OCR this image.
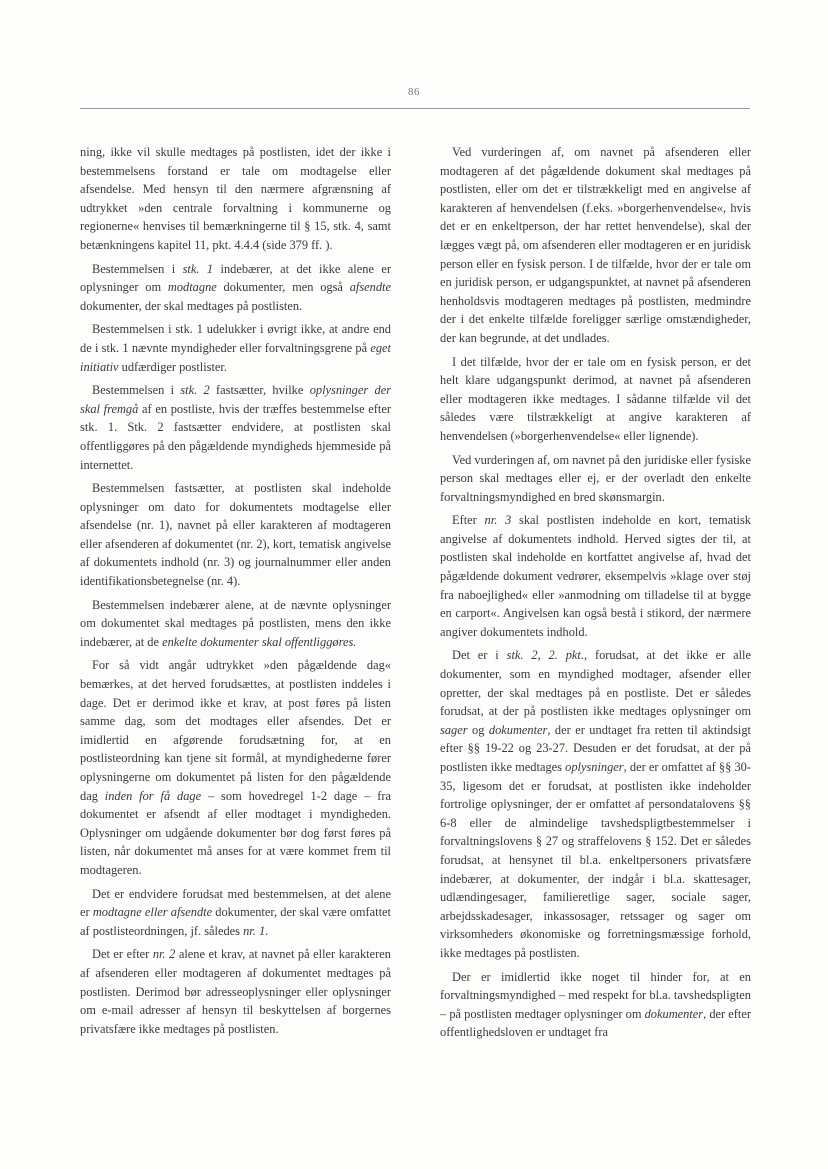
86

ning, ikke vil skulle medtages på postlisten, idet der ikke i bestemmelsens forstand er tale om modtagelse eller afsendelse. Med hensyn til den nærmere afgrænsning af udtrykket »den centrale forvaltning i kommunerne og regionerne« henvises til bemærkningerne til § 15, stk. 4, samt betænkningens kapitel 11, pkt. 4.4.4 (side 379 ff. ).

Bestemmelsen i stk. 1 indebærer, at det ikke alene er oplysninger om modtagne dokumenter, men også afsendte dokumenter, der skal medtages på postlisten.

Bestemmelsen i stk. 1 udelukker i øvrigt ikke, at andre end de i stk. 1 nævnte myndigheder eller forvaltningsgrene på eget initiativ udfærdiger postlister.

Bestemmelsen i stk. 2 fastsætter, hvilke oplysninger der skal fremgå af en postliste, hvis der træffes bestemmelse efter stk. 1. Stk. 2 fastsætter endvidere, at postlisten skal offentliggøres på den pågældende myndigheds hjemmeside på internettet.

Bestemmelsen fastsætter, at postlisten skal indeholde oplysninger om dato for dokumentets modtagelse eller afsendelse (nr. 1), navnet på eller karakteren af modtageren eller afsenderen af dokumentet (nr. 2), kort, tematisk angivelse af dokumentets indhold (nr. 3) og journalnummer eller anden identifikationsbetegnelse (nr. 4).

Bestemmelsen indebærer alene, at de nævnte oplysninger om dokumentet skal medtages på postlisten, mens den ikke indebærer, at de enkelte dokumenter skal offentliggøres.

For så vidt angår udtrykket »den pågældende dag« bemærkes, at det herved forudsættes, at postlisten inddeles i dage. Det er derimod ikke et krav, at post føres på listen samme dag, som det modtages eller afsendes. Det er imidlertid en afgørende forudsætning for, at en postlisteordning kan tjene sit formål, at myndighederne fører oplysningerne om dokumentet på listen for den pågældende dag inden for få dage – som hovedregel 1-2 dage – fra dokumentet er afsendt af eller modtaget i myndigheden. Oplysninger om udgående dokumenter bør dog først føres på listen, når dokumentet må anses for at være kommet frem til modtageren.

Det er endvidere forudsat med bestemmelsen, at det alene er modtagne eller afsendte dokumenter, der skal være omfattet af postlisteordningen, jf. således nr. 1.

Det er efter nr. 2 alene et krav, at navnet på eller karakteren af afsenderen eller modtageren af dokumentet medtages på postlisten. Derimod bør adresseoplysninger eller oplysninger om e-mail adresser af hensyn til beskyttelsen af borgernes privatsfære ikke medtages på postlisten.

Ved vurderingen af, om navnet på afsenderen eller modtageren af det pågældende dokument skal medtages på postlisten, eller om det er tilstrækkeligt med en angivelse af karakteren af henvendelsen (f.eks. »borgerhenvendelse«, hvis det er en enkeltperson, der har rettet henvendelse), skal der lægges vægt på, om afsenderen eller modtageren er en juridisk person eller en fysisk person. I de tilfælde, hvor der er tale om en juridisk person, er udgangspunktet, at navnet på afsenderen henholdsvis modtageren medtages på postlisten, medmindre der i det enkelte tilfælde foreligger særlige omstændigheder, der kan begrunde, at det undlades.

I det tilfælde, hvor der er tale om en fysisk person, er det helt klare udgangspunkt derimod, at navnet på afsenderen eller modtageren ikke medtages. I sådanne tilfælde vil det således være tilstrækkeligt at angive karakteren af henvendelsen (»borgerhenvendelse« eller lignende).

Ved vurderingen af, om navnet på den juridiske eller fysiske person skal medtages eller ej, er der overladt den enkelte forvaltningsmyndighed en bred skønsmargin.

Efter nr. 3 skal postlisten indeholde en kort, tematisk angivelse af dokumentets indhold. Herved sigtes der til, at postlisten skal indeholde en kortfattet angivelse af, hvad det pågældende dokument vedrører, eksempelvis »klage over støj fra naboejlighed« eller »anmodning om tilladelse til at bygge en carport«. Angivelsen kan også bestå i stikord, der nærmere angiver dokumentets indhold.

Det er i stk. 2, 2. pkt., forudsat, at det ikke er alle dokumenter, som en myndighed modtager, afsender eller opretter, der skal medtages på en postliste. Det er således forudsat, at der på postlisten ikke medtages oplysninger om sager og dokumenter, der er undtaget fra retten til aktindsigt efter §§ 19-22 og 23-27. Desuden er det forudsat, at der på postlisten ikke medtages oplysninger, der er omfattet af §§ 30-35, ligesom det er forudsat, at postlisten ikke indeholder fortrolige oplysninger, der er omfattet af persondatalovens §§ 6-8 eller de almindelige tavshedspligtbestemmelser i forvaltningslovens § 27 og straffelovens § 152. Det er således forudsat, at hensynet til bl.a. enkeltpersoners privatsfære indebærer, at dokumenter, der indgår i bl.a. skattesager, udlændingesager, familieretlige sager, sociale sager, arbejdsskadesager, inkassosager, retssager og sager om virksomheders økonomiske og forretningsmæssige forhold, ikke medtages på postlisten.

Der er imidlertid ikke noget til hinder for, at en forvaltningsmyndighed – med respekt for bl.a. tavshedspligten – på postlisten medtager oplysninger om dokumenter, der efter offentlighedsloven er undtaget fra
